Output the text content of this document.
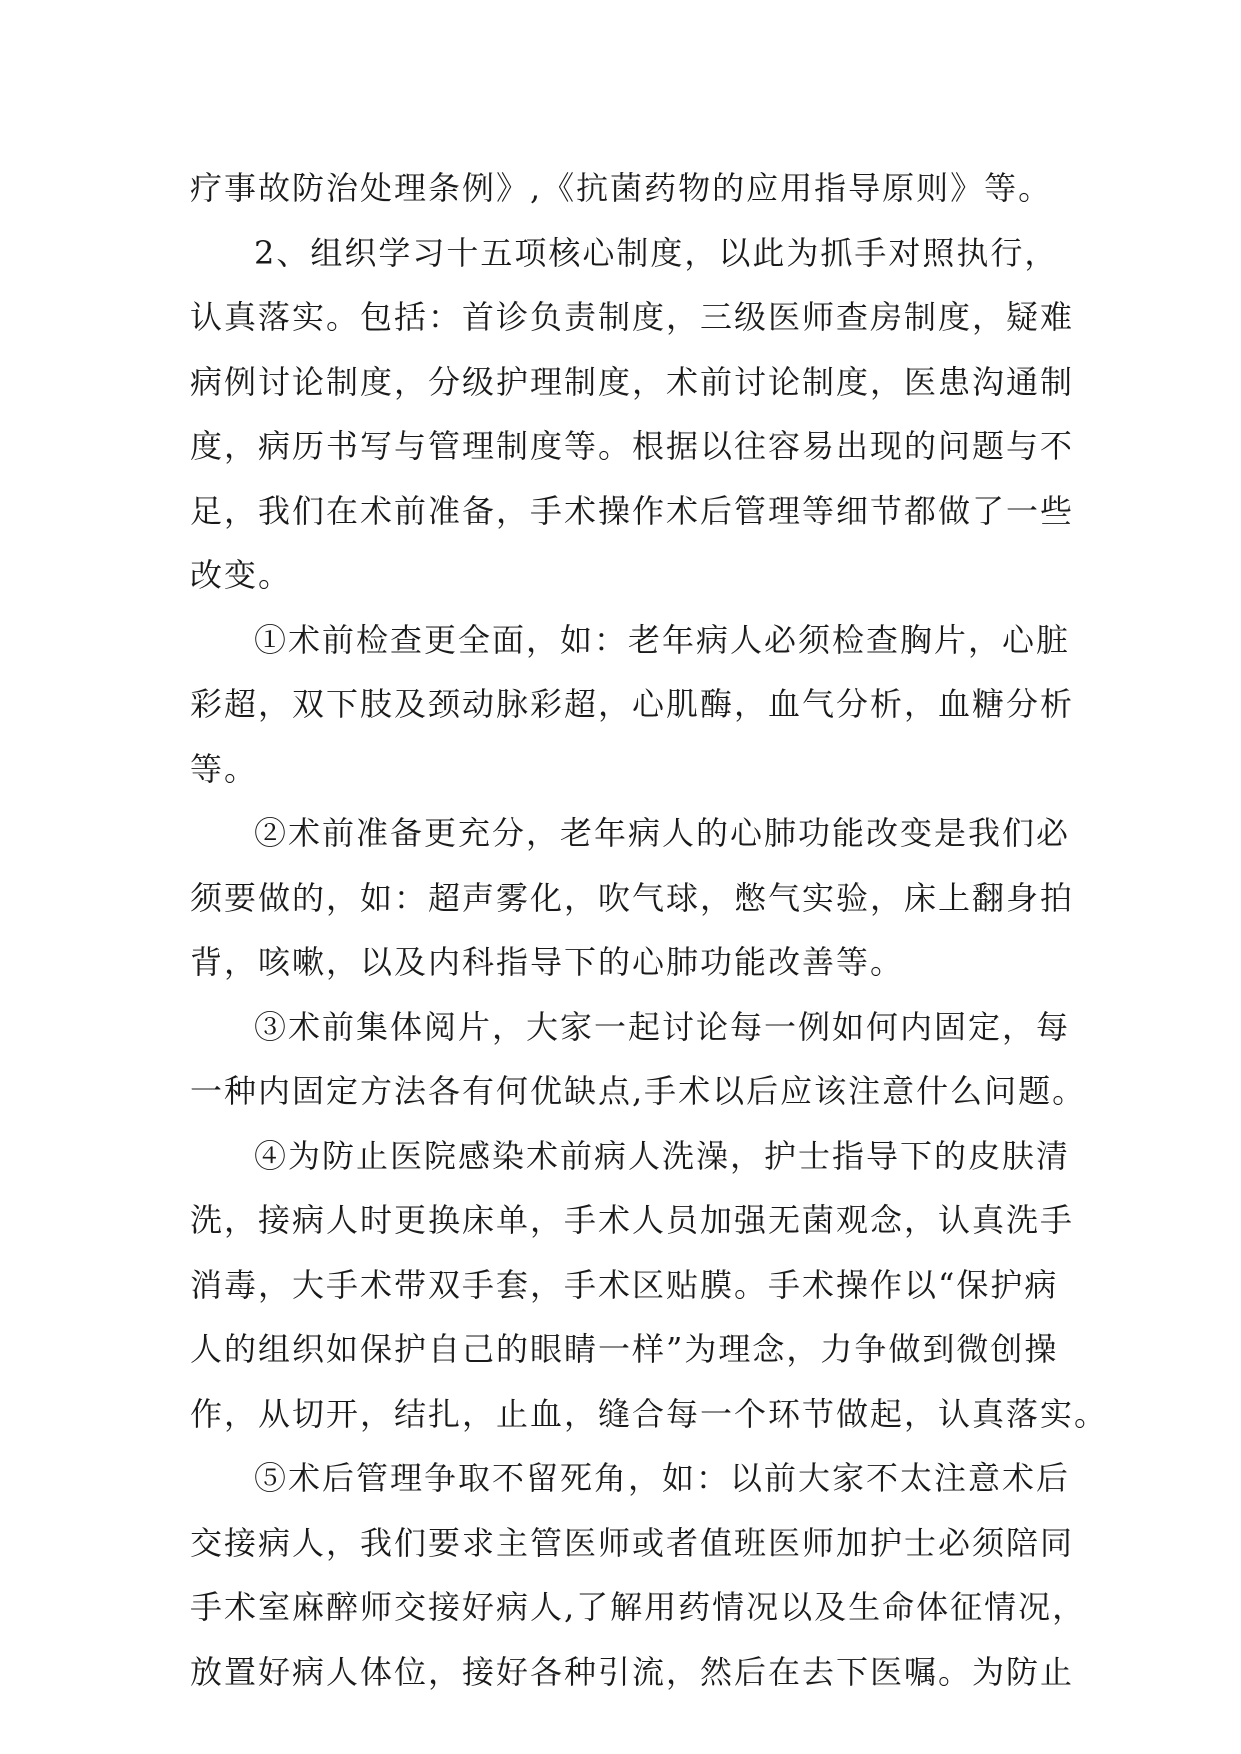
疗事故防治处理条例》,《抗菌药物的应用指导原则》等。
2、组织学习十五项核心制度，以此为抓手对照执行，
认真落实。包括：首诊负责制度，三级医师查房制度，疑难
病例讨论制度，分级护理制度，术前讨论制度，医患沟通制
度，病历书写与管理制度等。根据以往容易出现的问题与不
足，我们在术前准备，手术操作术后管理等细节都做了一些
改变。
①术前检查更全面，如：老年病人必须检查胸片，心脏
彩超，双下肢及颈动脉彩超，心肌酶，血气分析，血糖分析
等。
②术前准备更充分，老年病人的心肺功能改变是我们必
须要做的，如：超声雾化，吹气球，憋气实验，床上翻身拍
背，咳嗽，以及内科指导下的心肺功能改善等。
③术前集体阅片，大家一起讨论每一例如何内固定，每
一种内固定方法各有何优缺点,手术以后应该注意什么问题。
④为防止医院感染术前病人洗澡，护士指导下的皮肤清
洗，接病人时更换床单，手术人员加强无菌观念，认真洗手
消毒，大手术带双手套，手术区贴膜。手术操作以“保护病
人的组织如保护自己的眼睛一样”为理念，力争做到微创操
作，从切开，结扎，止血，缝合每一个环节做起，认真落实。
⑤术后管理争取不留死角，如：以前大家不太注意术后
交接病人，我们要求主管医师或者值班医师加护士必须陪同
手术室麻醉师交接好病人,了解用药情况以及生命体征情况，
放置好病人体位，接好各种引流，然后在去下医嘱。为防止
